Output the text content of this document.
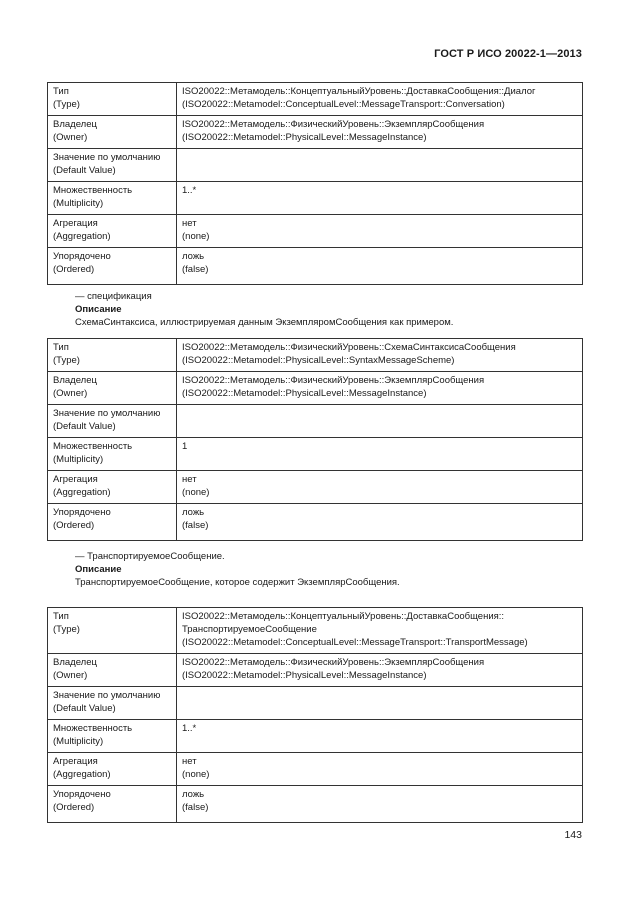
ГОСТ Р ИСО 20022-1—2013
Тип
(Type)	ISO20022::Метамодель::КонцептуальныйУровень::ДоставкаСообщения::Диалог
(ISO20022::Metamodel::ConceptualLevel::MessageTransport::Conversation)

Владелец
(Owner)	ISO20022::Метамодель::ФизическийУровень::ЭкземплярСообщения
(ISO20022::Metamodel::PhysicalLevel::MessageInstance)

Значение по умолчанию
(Default Value)	

Множественность
(Multiplicity)	1..*

Агрегация
(Aggregation)	нет
(none)

Упорядочено
(Ordered)	ложь
(false)
— спецификация
Описание
СхемаСинтаксиса, иллюстрируемая данным ЭкземпляромСообщения как примером.
Тип
(Type)	ISO20022::Метамодель::ФизическийУровень::СхемаСинтаксисаСообщения
(ISO20022::Metamodel::PhysicalLevel::SyntaxMessageScheme)

Владелец
(Owner)	ISO20022::Метамодель::ФизическийУровень::ЭкземплярСообщения
(ISO20022::Metamodel::PhysicalLevel::MessageInstance)

Значение по умолчанию
(Default Value)	

Множественность
(Multiplicity)	1

Агрегация
(Aggregation)	нет
(none)

Упорядочено
(Ordered)	ложь
(false)
— ТранспортируемоеСообщение.
Описание
ТранспортируемоеСообщение, которое содержит ЭкземплярСообщения.
Тип
(Type)	ISO20022::Метамодель::КонцептуальныйУровень::ДоставкаСообщения::
ТранспортируемоеСообщение
(ISO20022::Metamodel::ConceptualLevel::MessageTransport::TransportMessage)

Владелец
(Owner)	ISO20022::Метамодель::ФизическийУровень::ЭкземплярСообщения
(ISO20022::Metamodel::PhysicalLevel::MessageInstance)

Значение по умолчанию
(Default Value)	

Множественность
(Multiplicity)	1..*

Агрегация
(Aggregation)	нет
(none)

Упорядочено
(Ordered)	ложь
(false)
143
